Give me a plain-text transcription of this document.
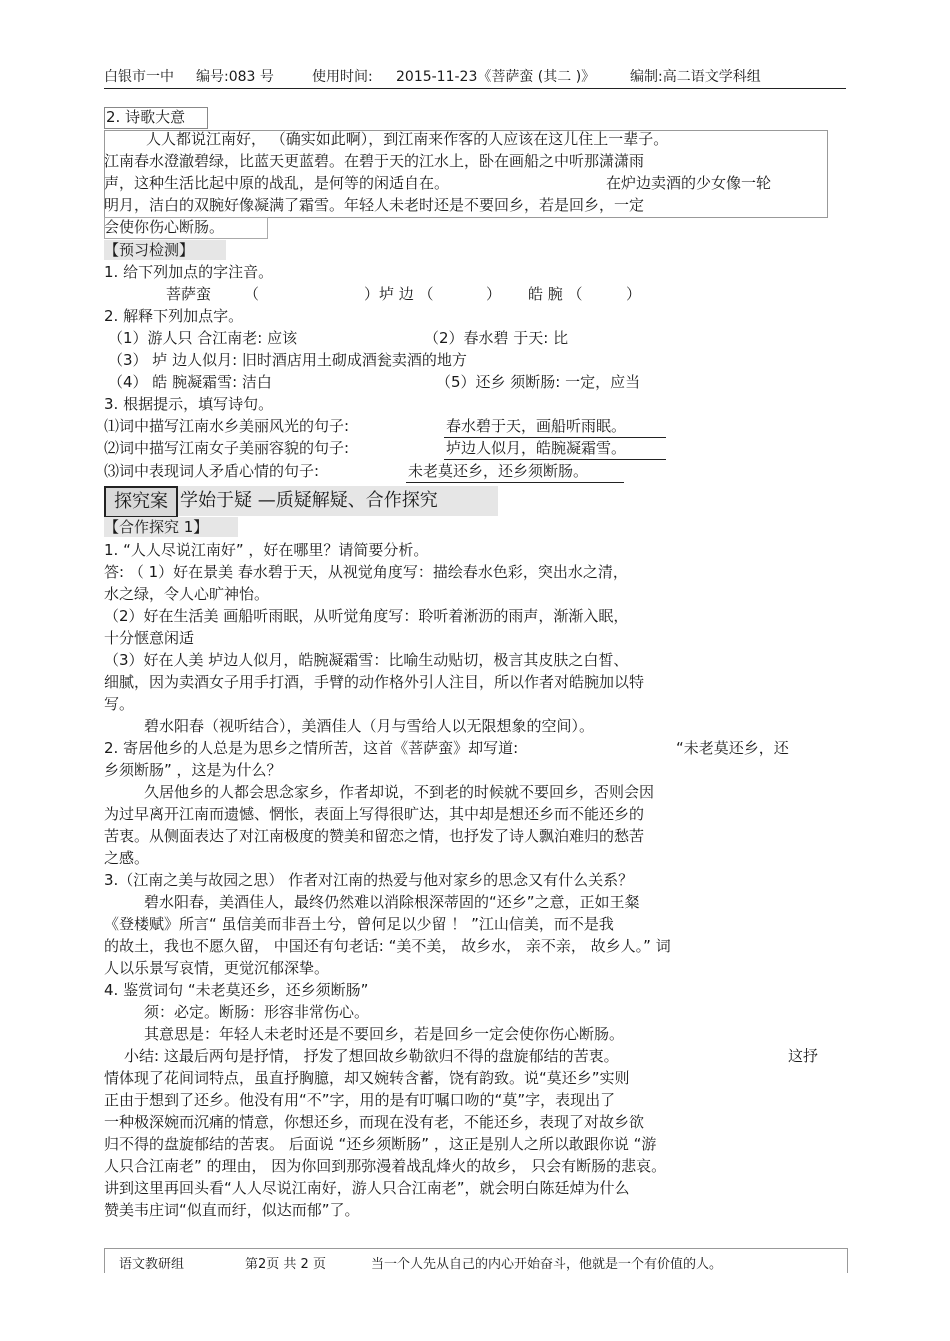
白银市一中 编号:083 号	使用时间: 2015-11-23《菩萨蛮 (其二 )》 编制:高二语文学科组
2. 诗歌大意
人人都说江南好， （确实如此啊），到江南来作客的人应该在这儿住上一辈子。
江南春水澄澈碧绿，比蓝天更蓝碧。在碧于天的江水上，卧在画船之中听那潇潇雨
声，这种生活比起中原的战乱，是何等的闲适自在。	在炉边卖酒的少女像一轮
明月，洁白的双腕好像凝满了霜雪。年轻人未老时还是不要回乡，若是回乡，一定
会使你伤心断肠。
【预习检测】
1. 给下列加点的字注音。
菩萨蛮 （	）垆 边 （	） 皓 腕 （	）
2. 解释下列加点字。
（1）游人只 合江南老: 应该	（2）春水碧 于天: 比
（3） 垆 边人似月: 旧时酒店用土砌成酒瓮卖酒的地方
（4） 皓 腕凝霜雪: 洁白	（5）还乡 须断肠: 一定，应当
3. 根据提示，填写诗句。
⑴词中描写江南水乡美丽风光的句子:	春水碧于天，画船听雨眠。
⑵词中描写江南女子美丽容貌的句子:	垆边人似月，皓腕凝霜雪。
⑶词中表现词人矛盾心情的句子:	未老莫还乡，还乡须断肠。
探究案 学始于疑 —质疑解疑、合作探究
【合作探究 1】
1. “人人尽说江南好” ，好在哪里？请简要分析。
答: （ 1）好在景美 春水碧于天，从视觉角度写：描绘春水色彩，突出水之清，
水之绿，令人心旷神怡。
（2）好在生活美 画船听雨眠，从听觉角度写：聆听着淅沥的雨声，渐渐入眠，
十分惬意闲适
（3）好在人美 垆边人似月，皓腕凝霜雪：比喻生动贴切，极言其皮肤之白皙、
细腻，因为卖酒女子用手打酒，手臂的动作格外引人注目，所以作者对皓腕加以特
写。
碧水阳春（视听结合），美酒佳人（月与雪给人以无限想象的空间）。
2. 寄居他乡的人总是为思乡之情所苦，这首《菩萨蛮》却写道:	“未老莫还乡，还
乡须断肠” ，这是为什么？
久居他乡的人都会思念家乡，作者却说，不到老的时候就不要回乡，否则会因
为过早离开江南而遗憾、惘怅，表面上写得很旷达，其中却是想还乡而不能还乡的
苦衷。从侧面表达了对江南极度的赞美和留恋之情，也抒发了诗人飘泊难归的愁苦
之感。
3.（江南之美与故园之思） 作者对江南的热爱与他对家乡的思念又有什么关系？
碧水阳春，美酒佳人，最终仍然难以消除根深蒂固的“还乡”之意，正如王粲
《登楼赋》所言“ 虽信美而非吾土兮，曾何足以少留 ！ ”江山信美，而不是我
的故土，我也不愿久留， 中国还有句老话: “美不美， 故乡水， 亲不亲， 故乡人。” 词
人以乐景写哀情，更觉沉郁深挚。
4. 鉴赏词句 “未老莫还乡，还乡须断肠”
须：必定。断肠：形容非常伤心。
其意思是：年轻人未老时还是不要回乡，若是回乡一定会使你伤心断肠。
小结: 这最后两句是抒情， 抒发了想回故乡勒欲归不得的盘旋郁结的苦衷。	这抒
情体现了花间词特点，虽直抒胸臆，却又婉转含蓄，饶有韵致。说“莫还乡”实则
正由于想到了还乡。他没有用“不”字，用的是有叮嘱口吻的“莫”字，表现出了
一种极深婉而沉痛的情意，你想还乡，而现在没有老，不能还乡，表现了对故乡欲
归不得的盘旋郁结的苦衷。 后面说 “还乡须断肠” ，这正是别人之所以敢跟你说 “游
人只合江南老” 的理由， 因为你回到那弥漫着战乱烽火的故乡， 只会有断肠的悲哀。
讲到这里再回头看“人人尽说江南好，游人只合江南老”，就会明白陈廷焯为什么
赞美韦庄词“似直而纡，似达而郁”了。
语文教研组	第2页 共 2 页	当一个人先从自己的内心开始奋斗，他就是一个有价值的人。
